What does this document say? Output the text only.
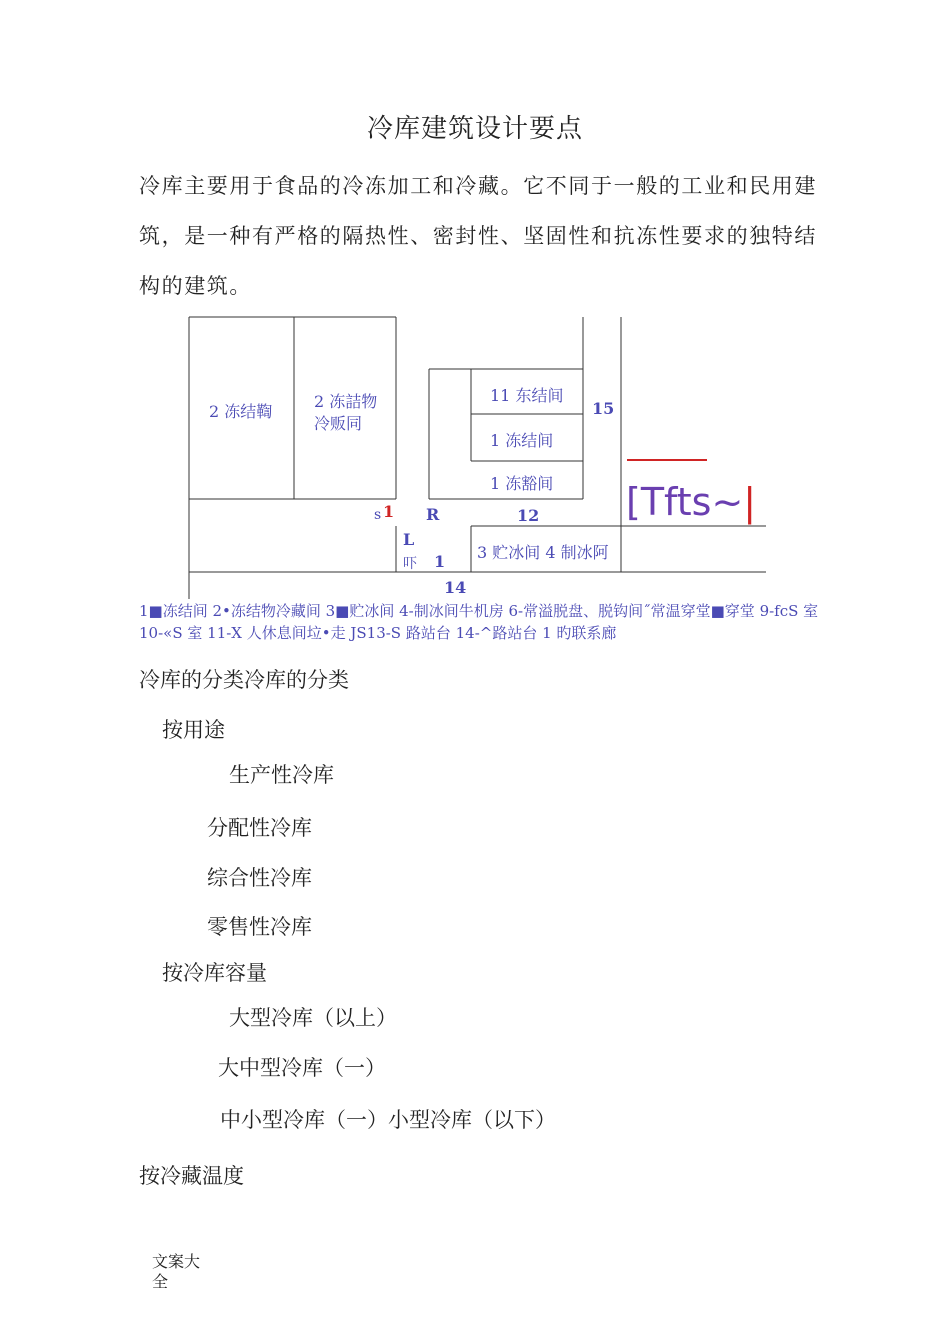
冷库建筑设计要点

冷库主要用于食品的冷冻加工和冷藏。它不同于一般的工业和民用建

筑，是一种有严格的隔热性、密封性、坚固性和抗冻性要求的独特结

构的建筑。

2 冻结鞫
2 冻詰物
冷贩同
11 东结间
1 冻结间
1 冻豁间
15
s 1 R	12
L
吓 1 3 贮冰间 4 制冰阿
14
[Tfts~|
1■冻结间 2•冻结物冷藏间 3■贮冰间 4-制冰间牛机房 6-常溢脱盘、脱钩间˝常温穿堂■穿堂 9-fcS 室 10-«S 室 11-X 人休息间垃•走 JS13-S 路站台 14-^路站台 1 旳联系廊

冷库的分类冷库的分类

按用途

生产性冷库

分配性冷库

综合性冷库

零售性冷库

按冷库容量

大型冷库（以上）

大中型冷库（一）

中小型冷库（一）小型冷库（以下）

按冷藏温度

文案大全
